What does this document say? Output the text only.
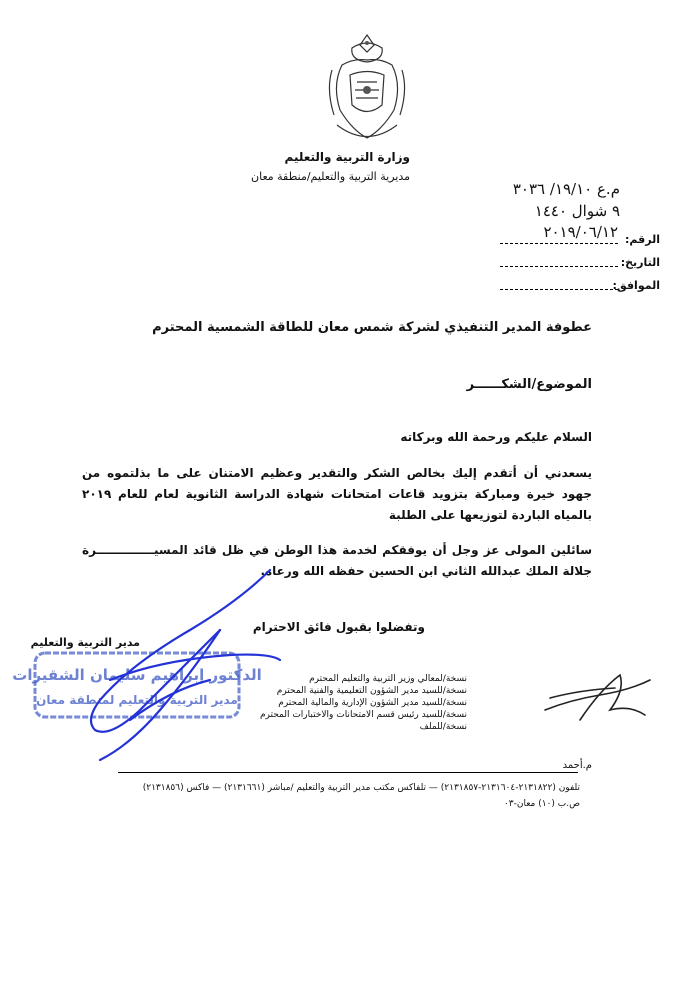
وزارة التربية والتعليم
مديرية التربية والتعليم/منطقة معان
م.ع ١٩/١٠/ ٣٠٣٦
٩ شوال ١٤٤٠
٢٠١٩/٠٦/١٢ الرقم:
التاريخ:
الموافق:
عطوفة المدير التنفيذي لشركة شمس معان للطاقة الشمسية المحترم
الموضوع/الشكــــــر
السلام عليكم ورحمة الله وبركاته
يسعدني أن أتقدم إليك بخالص الشكر والتقدير وعظيم الامتنان على ما بذلتموه من جهود خيرة ومباركة بتزويد قاعات امتحانات شهادة الدراسة الثانوية لعام للعام ٢٠١٩ بالمياه الباردة لتوزيعها على الطلبة
سائلين المولى عز وجل أن يوفقكم لخدمة هذا الوطن في ظل قائد المسيــــــــــــــرة جلالة الملك عبدالله الثاني ابن الحسين حفظه الله ورعاه.
وتفضلوا بقبول فائق الاحترام
مدير التربية والتعليم
الدكتور إبراهيم سليمان الشقيرات
مدير التربية والتعليم لمنطقة معان
نسخة/لمعالي وزير التربية والتعليم المحترم
نسخة/للسيد مدير الشؤون التعليمية والفنية المحترم
نسخة/للسيد مدير الشؤون الإدارية والمالية المحترم
نسخة/للسيد رئيس قسم الامتحانات والاختبارات المحترم
نسخة/للملف
م.أحمد
تلفون (٢١٣١٨٢٢-٢١٣١٦٠٤-٢١٣١٨٥٧) — تلفاكس مكتب مدير التربية والتعليم /مباشر (٢١٣١٦٦١) — فاكس (٢١٣١٨٥٦)
ص.ب (١٠) معان-٠٣
